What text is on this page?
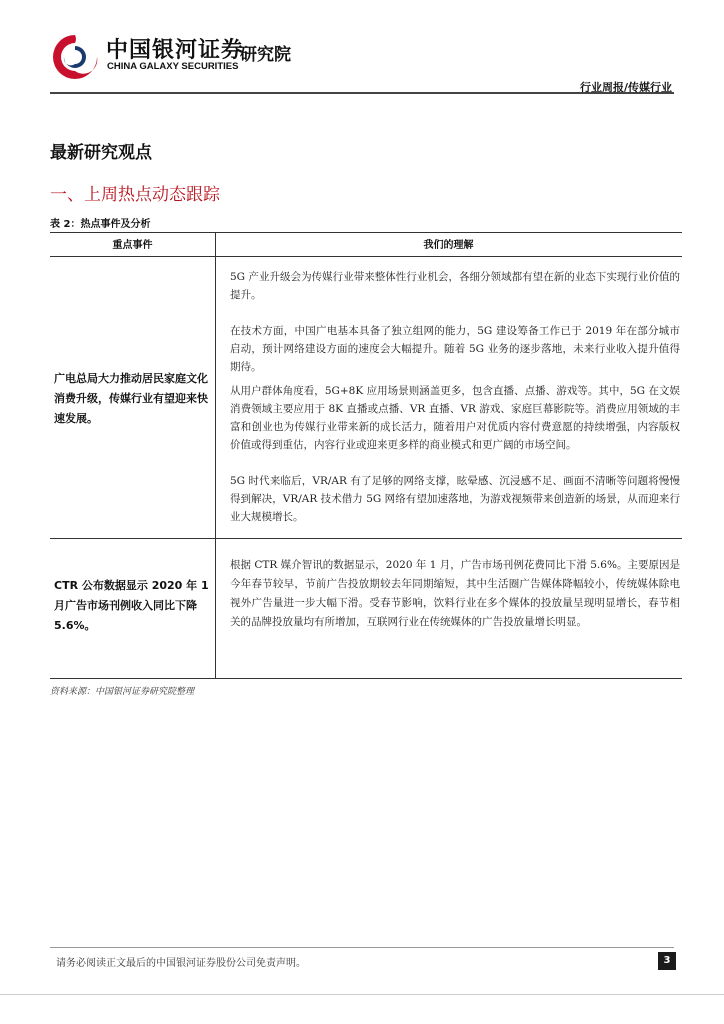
中国银河证券
CHINA GALAXY SECURITIES
研究院
行业周报/传媒行业
最新研究观点
一、上周热点动态跟踪
表 2：热点事件及分析
重点事件	我们的理解
广电总局大力推动居民家庭文化消费升级，传媒行业有望迎来快速发展。
5G 产业升级会为传媒行业带来整体性行业机会，各细分领域都有望在新的业态下实现行业价值的提升。
在技术方面，中国广电基本具备了独立组网的能力，5G 建设筹备工作已于 2019 年在部分城市启动，预计网络建设方面的速度会大幅提升。随着 5G 业务的逐步落地，未来行业收入提升值得期待。
从用户群体角度看，5G+8K 应用场景则涵盖更多，包含直播、点播、游戏等。其中，5G 在文娱消费领域主要应用于 8K 直播或点播、VR 直播、VR 游戏、家庭巨幕影院等。消费应用领域的丰富和创业也为传媒行业带来新的成长活力，随着用户对优质内容付费意愿的持续增强，内容版权价值或得到重估，内容行业或迎来更多样的商业模式和更广阔的市场空间。
5G 时代来临后，VR/AR 有了足够的网络支撑，眩晕感、沉浸感不足、画面不清晰等问题将慢慢得到解决，VR/AR 技术借力 5G 网络有望加速落地，为游戏视频带来创造新的场景，从而迎来行业大规模增长。
CTR 公布数据显示 2020 年 1 月广告市场刊例收入同比下降 5.6%。
根据 CTR 媒介智讯的数据显示，2020 年 1 月，广告市场刊例花费同比下滑 5.6%。主要原因是今年春节较早，节前广告投放期较去年同期缩短，其中生活圈广告媒体降幅较小，传统媒体除电视外广告量进一步大幅下滑。受春节影响，饮料行业在多个媒体的投放量呈现明显增长，春节相关的品牌投放量均有所增加，互联网行业在传统媒体的广告投放量增长明显。
资料来源：中国银河证券研究院整理
请务必阅读正文最后的中国银河证券股份公司免责声明。	3
